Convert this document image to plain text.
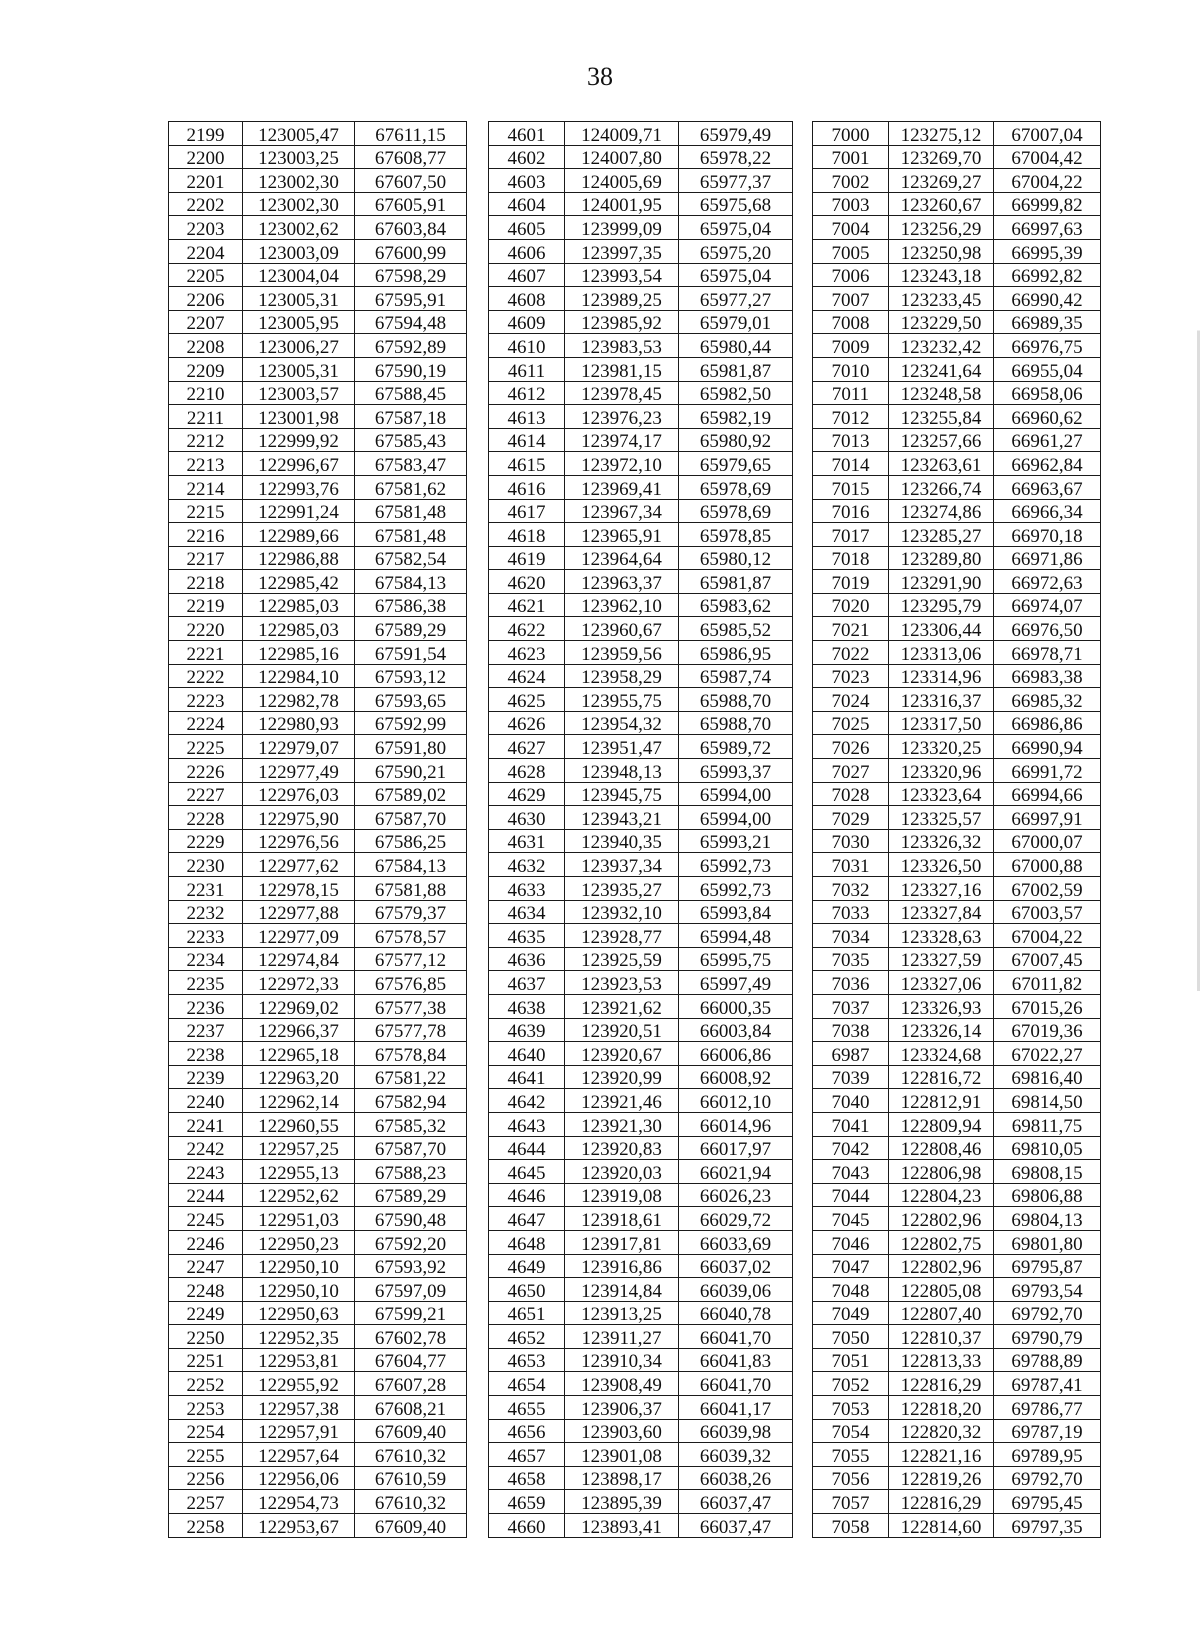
38
2199	123005,47	67611,15		4601	124009,71	65979,49		7000	123275,12	67007,04
2200	123003,25	67608,77		4602	124007,80	65978,22		7001	123269,70	67004,42
2201	123002,30	67607,50		4603	124005,69	65977,37		7002	123269,27	67004,22
2202	123002,30	67605,91		4604	124001,95	65975,68		7003	123260,67	66999,82
2203	123002,62	67603,84		4605	123999,09	65975,04		7004	123256,29	66997,63
2204	123003,09	67600,99		4606	123997,35	65975,20		7005	123250,98	66995,39
2205	123004,04	67598,29		4607	123993,54	65975,04		7006	123243,18	66992,82
2206	123005,31	67595,91		4608	123989,25	65977,27		7007	123233,45	66990,42
2207	123005,95	67594,48		4609	123985,92	65979,01		7008	123229,50	66989,35
2208	123006,27	67592,89		4610	123983,53	65980,44		7009	123232,42	66976,75
2209	123005,31	67590,19		4611	123981,15	65981,87		7010	123241,64	66955,04
2210	123003,57	67588,45		4612	123978,45	65982,50		7011	123248,58	66958,06
2211	123001,98	67587,18		4613	123976,23	65982,19		7012	123255,84	66960,62
2212	122999,92	67585,43		4614	123974,17	65980,92		7013	123257,66	66961,27
2213	122996,67	67583,47		4615	123972,10	65979,65		7014	123263,61	66962,84
2214	122993,76	67581,62		4616	123969,41	65978,69		7015	123266,74	66963,67
2215	122991,24	67581,48		4617	123967,34	65978,69		7016	123274,86	66966,34
2216	122989,66	67581,48		4618	123965,91	65978,85		7017	123285,27	66970,18
2217	122986,88	67582,54		4619	123964,64	65980,12		7018	123289,80	66971,86
2218	122985,42	67584,13		4620	123963,37	65981,87		7019	123291,90	66972,63
2219	122985,03	67586,38		4621	123962,10	65983,62		7020	123295,79	66974,07
2220	122985,03	67589,29		4622	123960,67	65985,52		7021	123306,44	66976,50
2221	122985,16	67591,54		4623	123959,56	65986,95		7022	123313,06	66978,71
2222	122984,10	67593,12		4624	123958,29	65987,74		7023	123314,96	66983,38
2223	122982,78	67593,65		4625	123955,75	65988,70		7024	123316,37	66985,32
2224	122980,93	67592,99		4626	123954,32	65988,70		7025	123317,50	66986,86
2225	122979,07	67591,80		4627	123951,47	65989,72		7026	123320,25	66990,94
2226	122977,49	67590,21		4628	123948,13	65993,37		7027	123320,96	66991,72
2227	122976,03	67589,02		4629	123945,75	65994,00		7028	123323,64	66994,66
2228	122975,90	67587,70		4630	123943,21	65994,00		7029	123325,57	66997,91
2229	122976,56	67586,25		4631	123940,35	65993,21		7030	123326,32	67000,07
2230	122977,62	67584,13		4632	123937,34	65992,73		7031	123326,50	67000,88
2231	122978,15	67581,88		4633	123935,27	65992,73		7032	123327,16	67002,59
2232	122977,88	67579,37		4634	123932,10	65993,84		7033	123327,84	67003,57
2233	122977,09	67578,57		4635	123928,77	65994,48		7034	123328,63	67004,22
2234	122974,84	67577,12		4636	123925,59	65995,75		7035	123327,59	67007,45
2235	122972,33	67576,85		4637	123923,53	65997,49		7036	123327,06	67011,82
2236	122969,02	67577,38		4638	123921,62	66000,35		7037	123326,93	67015,26
2237	122966,37	67577,78		4639	123920,51	66003,84		7038	123326,14	67019,36
2238	122965,18	67578,84		4640	123920,67	66006,86		6987	123324,68	67022,27
2239	122963,20	67581,22		4641	123920,99	66008,92		7039	122816,72	69816,40
2240	122962,14	67582,94		4642	123921,46	66012,10		7040	122812,91	69814,50
2241	122960,55	67585,32		4643	123921,30	66014,96		7041	122809,94	69811,75
2242	122957,25	67587,70		4644	123920,83	66017,97		7042	122808,46	69810,05
2243	122955,13	67588,23		4645	123920,03	66021,94		7043	122806,98	69808,15
2244	122952,62	67589,29		4646	123919,08	66026,23		7044	122804,23	69806,88
2245	122951,03	67590,48		4647	123918,61	66029,72		7045	122802,96	69804,13
2246	122950,23	67592,20		4648	123917,81	66033,69		7046	122802,75	69801,80
2247	122950,10	67593,92		4649	123916,86	66037,02		7047	122802,96	69795,87
2248	122950,10	67597,09		4650	123914,84	66039,06		7048	122805,08	69793,54
2249	122950,63	67599,21		4651	123913,25	66040,78		7049	122807,40	69792,70
2250	122952,35	67602,78		4652	123911,27	66041,70		7050	122810,37	69790,79
2251	122953,81	67604,77		4653	123910,34	66041,83		7051	122813,33	69788,89
2252	122955,92	67607,28		4654	123908,49	66041,70		7052	122816,29	69787,41
2253	122957,38	67608,21		4655	123906,37	66041,17		7053	122818,20	69786,77
2254	122957,91	67609,40		4656	123903,60	66039,98		7054	122820,32	69787,19
2255	122957,64	67610,32		4657	123901,08	66039,32		7055	122821,16	69789,95
2256	122956,06	67610,59		4658	123898,17	66038,26		7056	122819,26	69792,70
2257	122954,73	67610,32		4659	123895,39	66037,47		7057	122816,29	69795,45
2258	122953,67	67609,40		4660	123893,41	66037,47		7058	122814,60	69797,35
